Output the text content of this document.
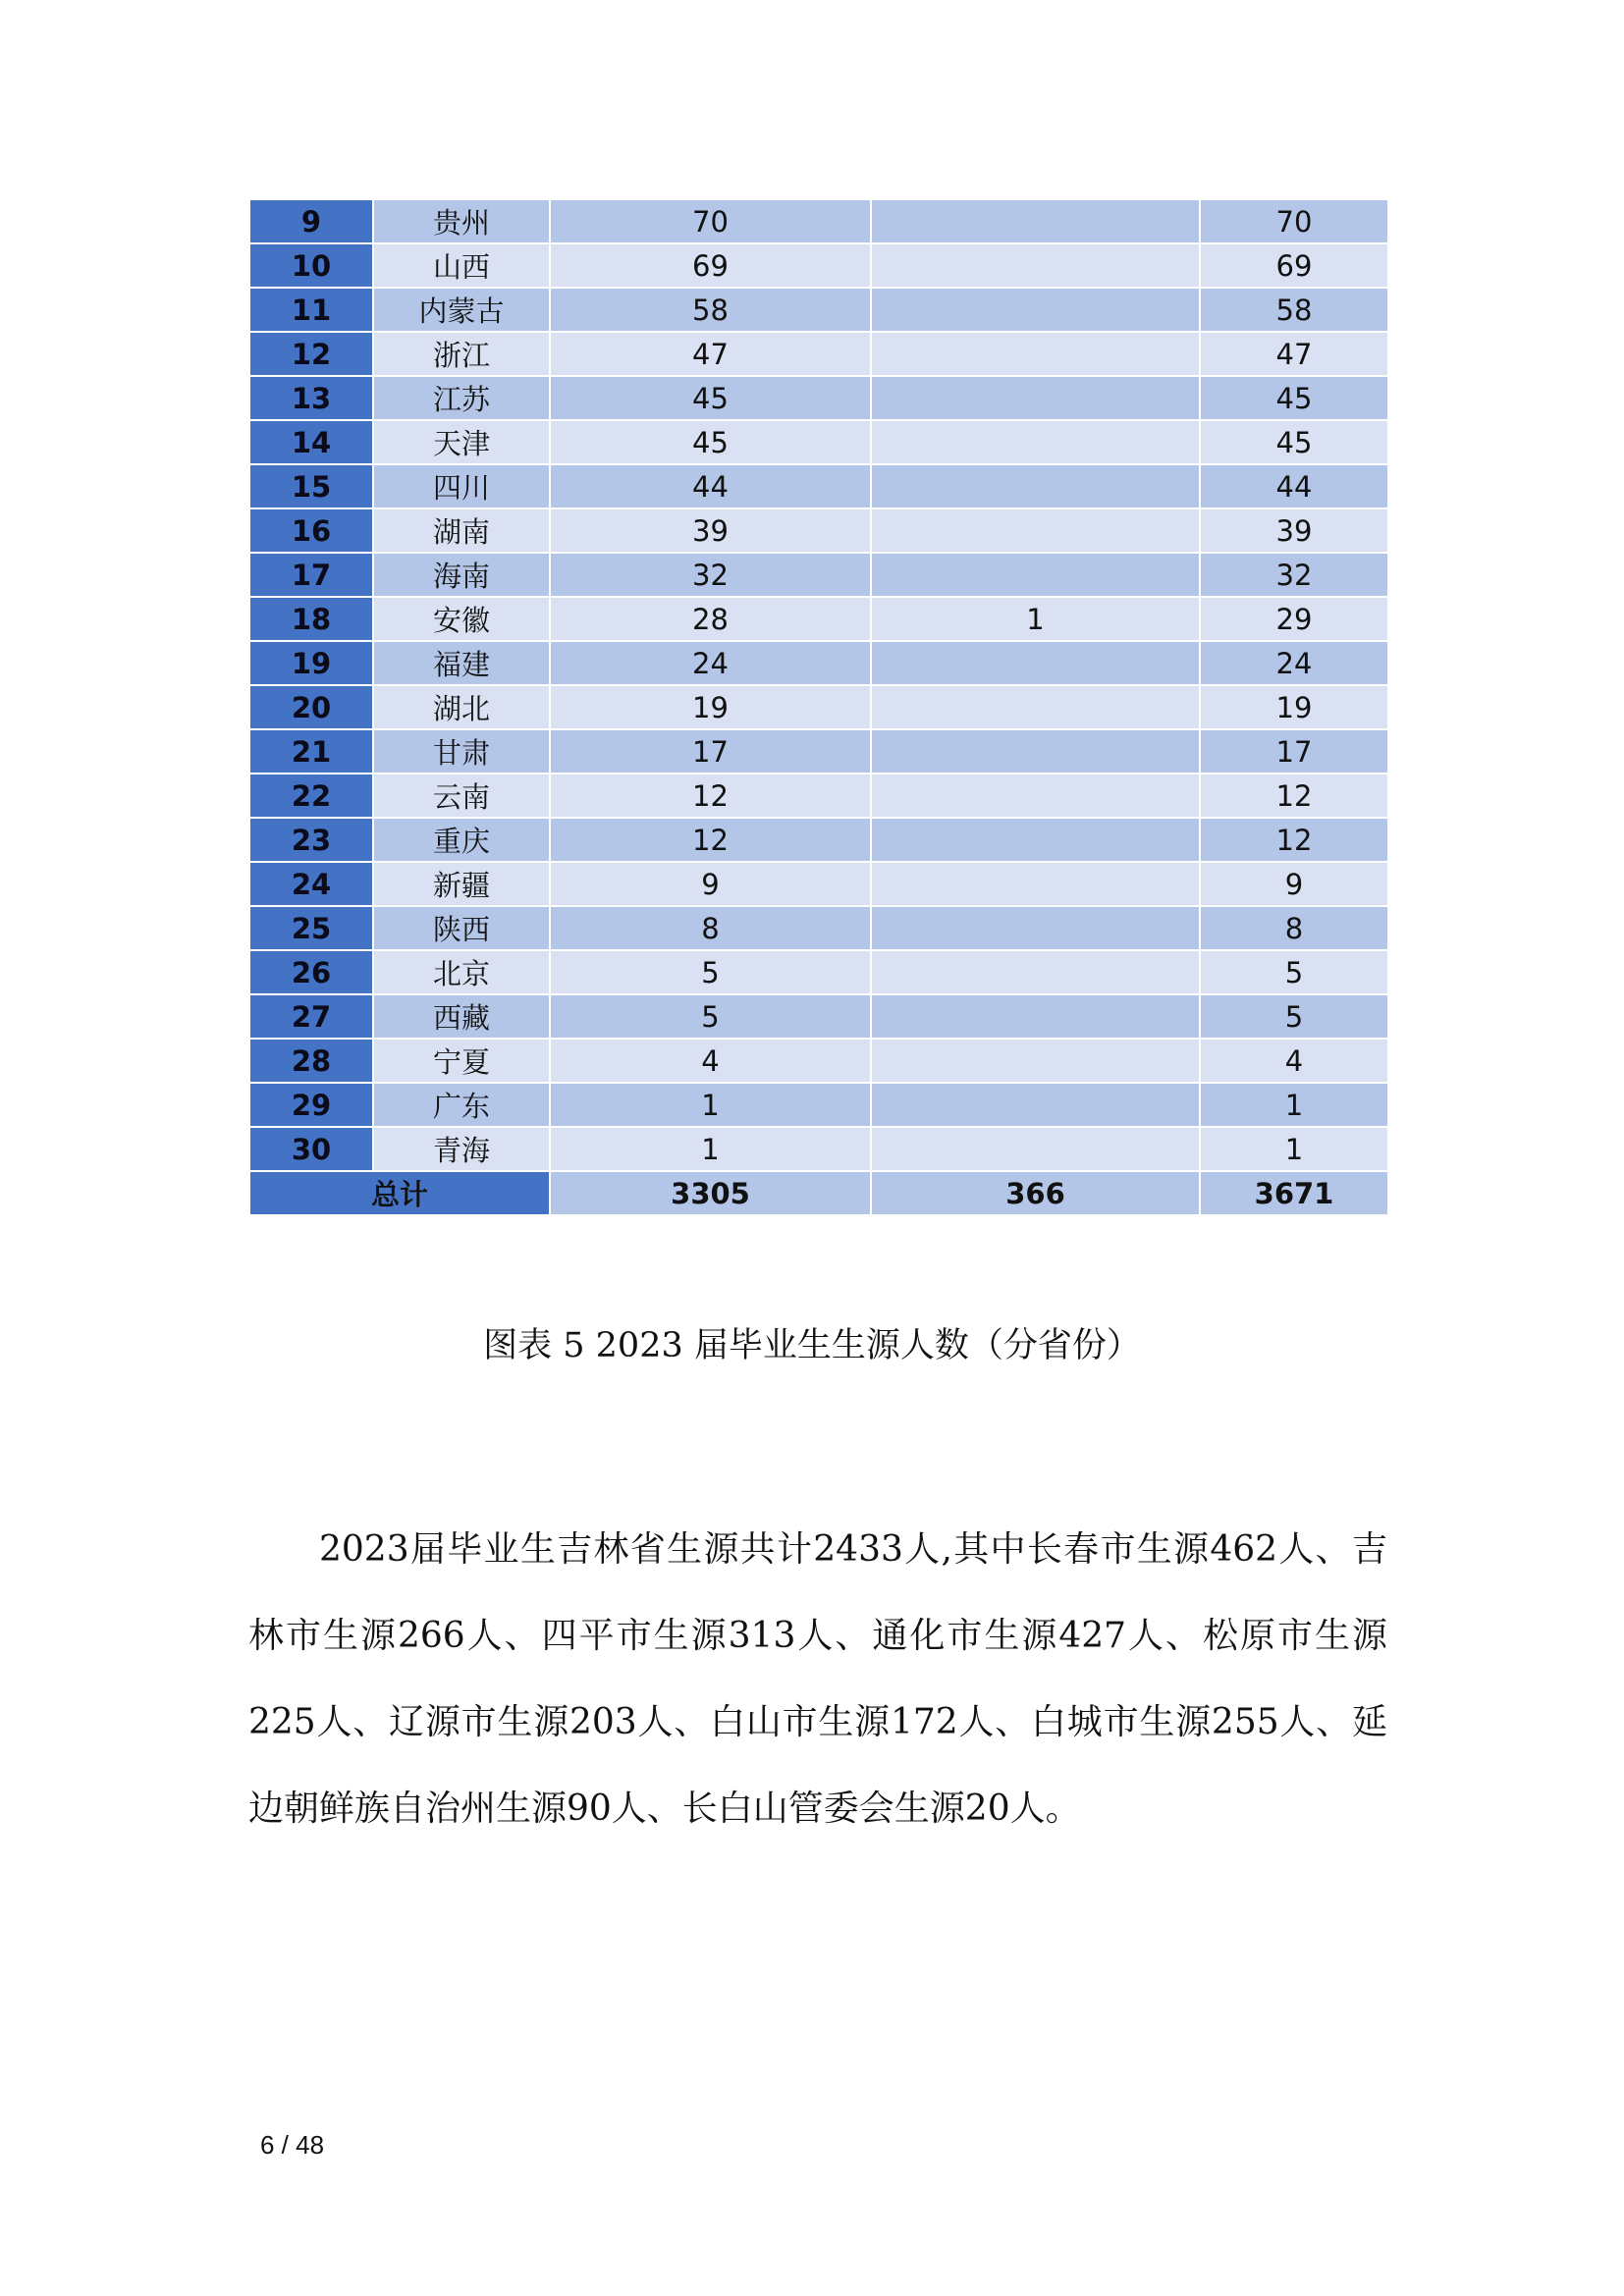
9	贵州	70		70
10	山西	69		69
11	内蒙古	58		58
12	浙江	47		47
13	江苏	45		45
14	天津	45		45
15	四川	44		44
16	湖南	39		39
17	海南	32		32
18	安徽	28	1	29
19	福建	24		24
20	湖北	19		19
21	甘肃	17		17
22	云南	12		12
23	重庆	12		12
24	新疆	9		9
25	陕西	8		8
26	北京	5		5
27	西藏	5		5
28	宁夏	4		4
29	广东	1		1
30	青海	1		1
总计		3305	366	3671
图表 5 2023 届毕业生生源人数（分省份）

2023届毕业生吉林省生源共计2433人,其中长春市生源462人、吉林市生源266人、四平市生源313人、通化市生源427人、松原市生源225人、辽源市生源203人、白山市生源172人、白城市生源255人、延边朝鲜族自治州生源90人、长白山管委会生源20人。

6 / 48
